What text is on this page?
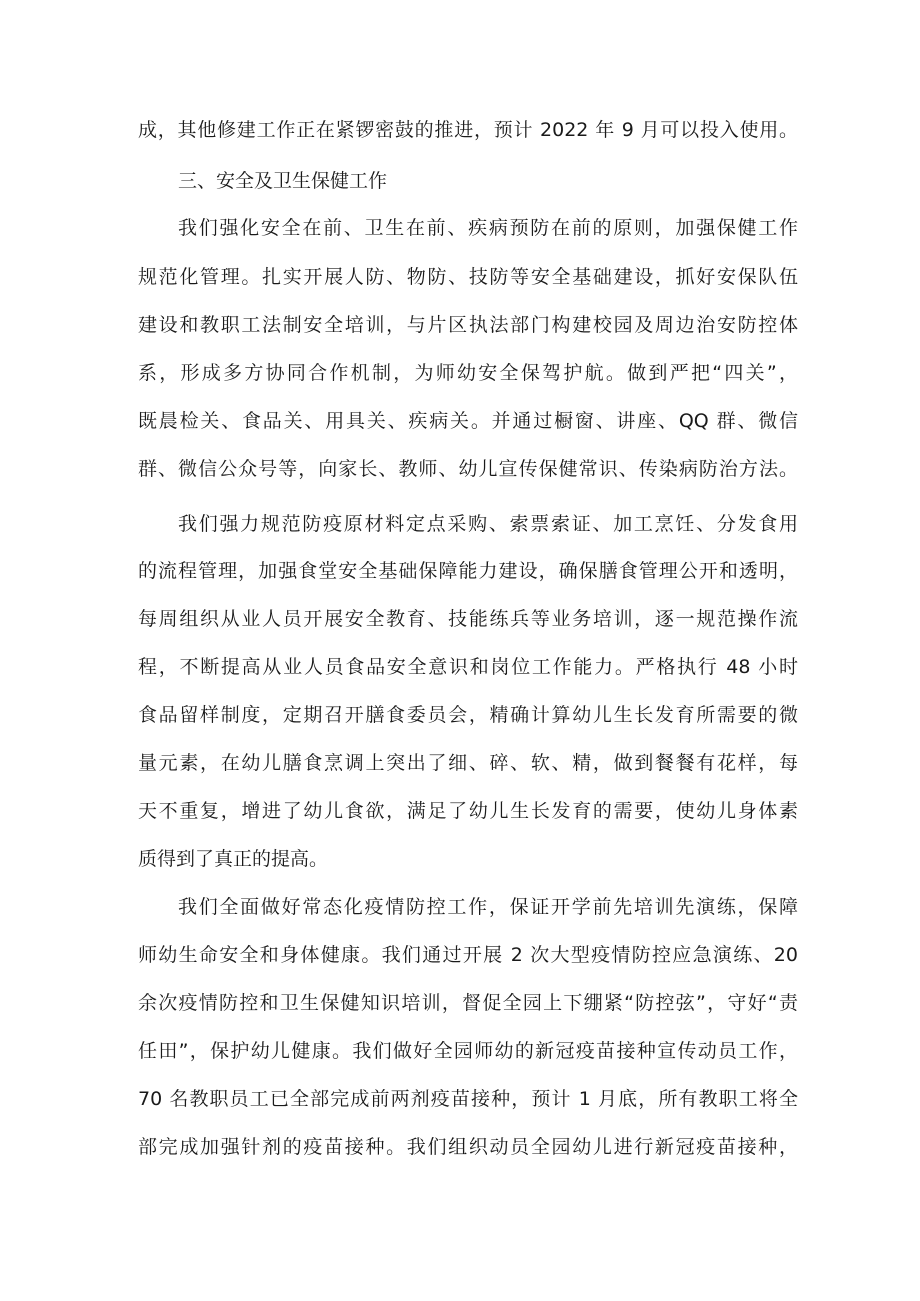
成，其他修建工作正在紧锣密鼓的推进，预计 2022 年 9 月可以投入使用。
三、安全及卫生保健工作
我们强化安全在前、卫生在前、疾病预防在前的原则，加强保健工作
规范化管理。扎实开展人防、物防、技防等安全基础建设，抓好安保队伍
建设和教职工法制安全培训，与片区执法部门构建校园及周边治安防控体
系，形成多方协同合作机制，为师幼安全保驾护航。做到严把“四关”，
既晨检关、食品关、用具关、疾病关。并通过橱窗、讲座、QQ 群、微信
群、微信公众号等，向家长、教师、幼儿宣传保健常识、传染病防治方法。
我们强力规范防疫原材料定点采购、索票索证、加工烹饪、分发食用
的流程管理，加强食堂安全基础保障能力建设，确保膳食管理公开和透明，
每周组织从业人员开展安全教育、技能练兵等业务培训，逐一规范操作流
程，不断提高从业人员食品安全意识和岗位工作能力。严格执行 48 小时
食品留样制度，定期召开膳食委员会，精确计算幼儿生长发育所需要的微
量元素，在幼儿膳食烹调上突出了细、碎、软、精，做到餐餐有花样，每
天不重复，增进了幼儿食欲，满足了幼儿生长发育的需要，使幼儿身体素
质得到了真正的提高。
我们全面做好常态化疫情防控工作，保证开学前先培训先演练，保障
师幼生命安全和身体健康。我们通过开展 2 次大型疫情防控应急演练、20
余次疫情防控和卫生保健知识培训，督促全园上下绷紧“防控弦”，守好“责
任田”，保护幼儿健康。我们做好全园师幼的新冠疫苗接种宣传动员工作，
70 名教职员工已全部完成前两剂疫苗接种，预计 1 月底，所有教职工将全
部完成加强针剂的疫苗接种。我们组织动员全园幼儿进行新冠疫苗接种，
